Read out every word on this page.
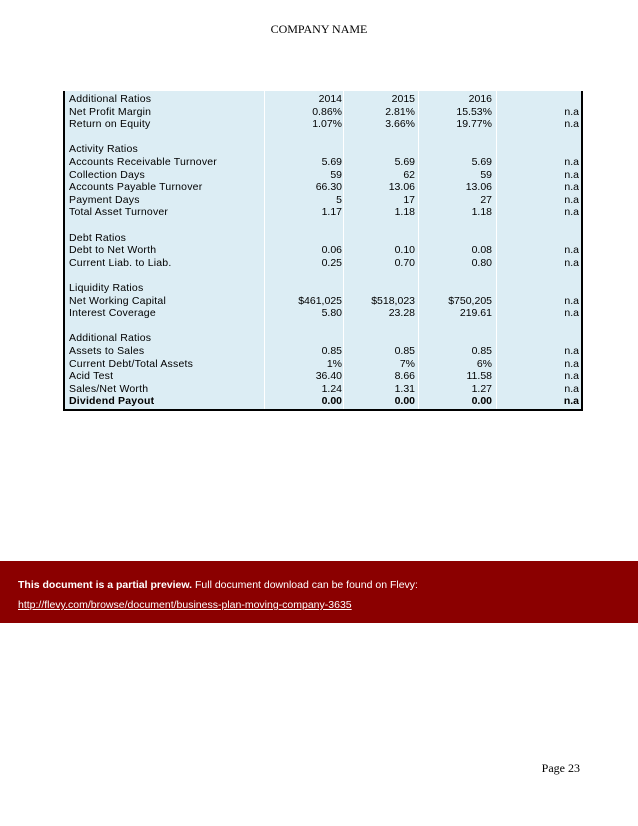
COMPANY NAME
Additional Ratios	2014	2015	2016
Net Profit Margin	0.86%	2.81%	15.53%	n.a
Return on Equity	1.07%	3.66%	19.77%	n.a
Activity Ratios
Accounts Receivable Turnover	5.69	5.69	5.69	n.a
Collection Days	59	62	59	n.a
Accounts Payable Turnover	66.30	13.06	13.06	n.a
Payment Days	5	17	27	n.a
Total Asset Turnover	1.17	1.18	1.18	n.a
Debt Ratios
Debt to Net Worth	0.06	0.10	0.08	n.a
Current Liab. to Liab.	0.25	0.70	0.80	n.a
Liquidity Ratios
Net Working Capital	$461,025	$518,023	$750,205	n.a
Interest Coverage	5.80	23.28	219.61	n.a
Additional Ratios
Assets to Sales	0.85	0.85	0.85	n.a
Current Debt/Total Assets	1%	7%	6%	n.a
Acid Test	36.40	8.66	11.58	n.a
Sales/Net Worth	1.24	1.31	1.27	n.a
Dividend Payout	0.00	0.00	0.00	n.a
This document is a partial preview. Full document download can be found on Flevy:
http://flevy.com/browse/document/business-plan-moving-company-3635
Page 23
